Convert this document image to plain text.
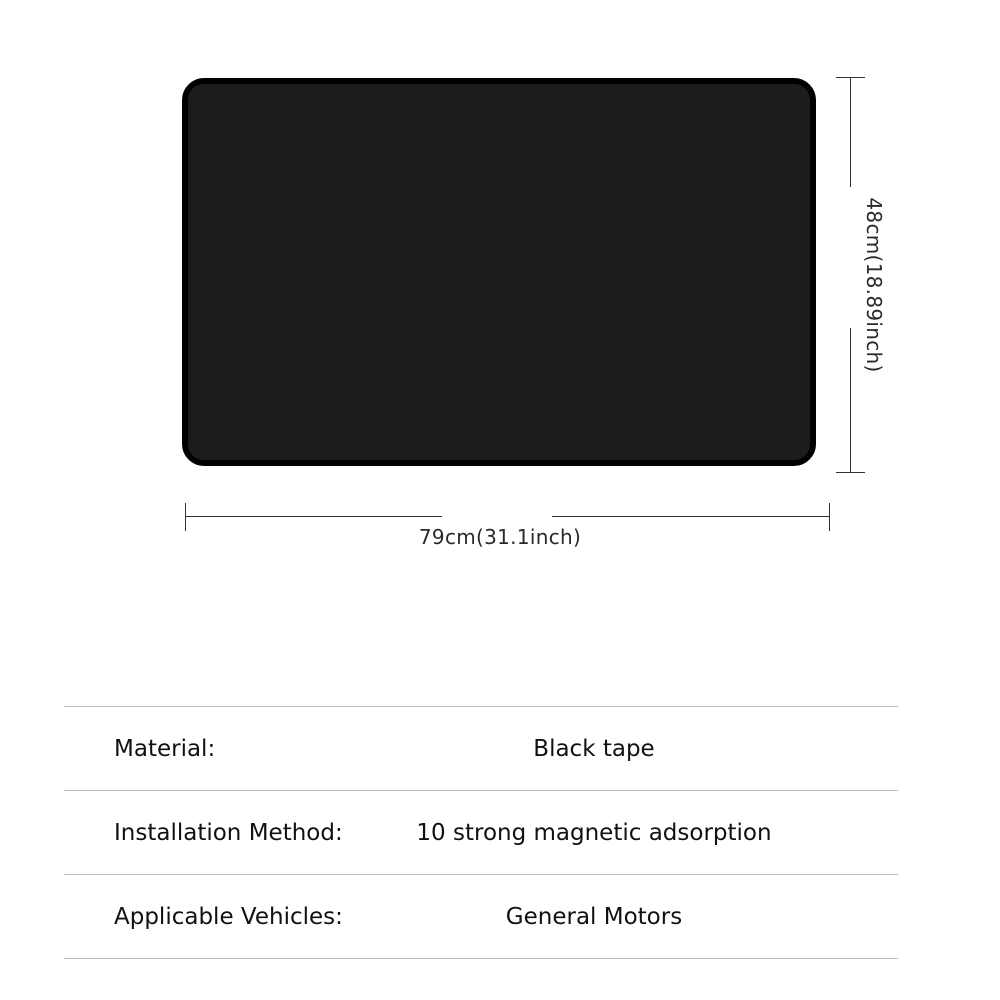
79cm(31.1inch)
48cm(18.89inch)
Material:	Black tape
Installation Method:	10 strong magnetic adsorption
Applicable Vehicles:	General Motors
